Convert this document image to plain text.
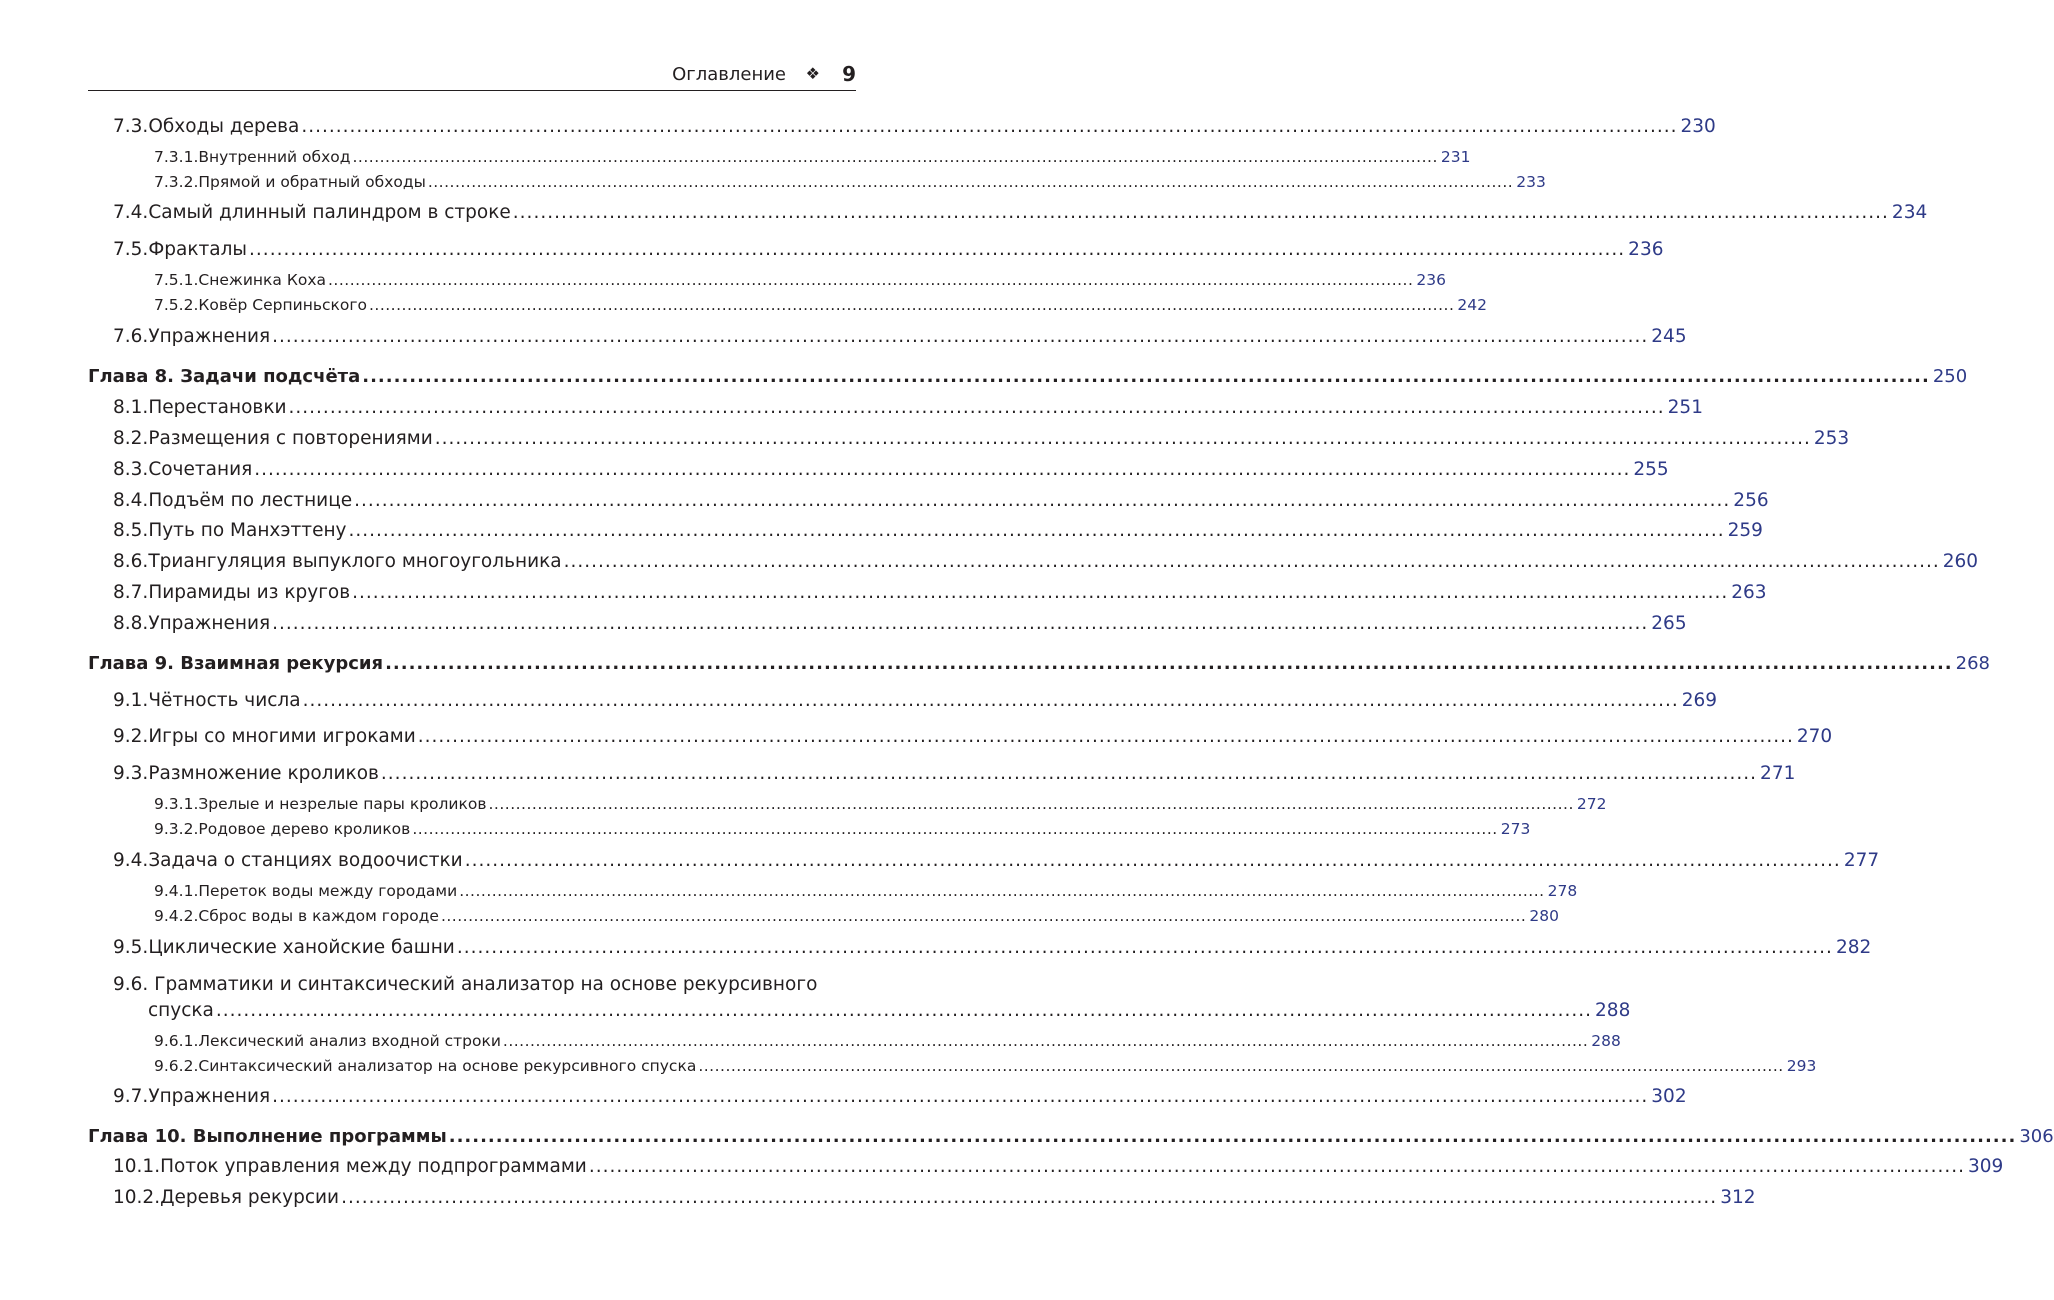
Оглавление ❖ 9
7.3. Обходы дерева ........................................................................................................................................................................................................ 230
7.3.1. Внутренний обход ........................................................................................................................................................................................................ 231
7.3.2. Прямой и обратный обходы ........................................................................................................................................................................................................ 233
7.4. Самый длинный палиндром в строке ........................................................................................................................................................................................................ 234
7.5. Фракталы ........................................................................................................................................................................................................ 236
7.5.1. Снежинка Коха ........................................................................................................................................................................................................ 236
7.5.2. Ковёр Серпиньского ........................................................................................................................................................................................................ 242
7.6. Упражнения ........................................................................................................................................................................................................ 245
Глава 8. Задачи подсчёта ........................................................................................................................................................................................................ 250
8.1. Перестановки ........................................................................................................................................................................................................ 251
8.2. Размещения с повторениями ........................................................................................................................................................................................................ 253
8.3. Сочетания ........................................................................................................................................................................................................ 255
8.4. Подъём по лестнице ........................................................................................................................................................................................................ 256
8.5. Путь по Манхэттену ........................................................................................................................................................................................................ 259
8.6. Триангуляция выпуклого многоугольника ........................................................................................................................................................................................................ 260
8.7. Пирамиды из кругов ........................................................................................................................................................................................................ 263
8.8. Упражнения ........................................................................................................................................................................................................ 265
Глава 9. Взаимная рекурсия ........................................................................................................................................................................................................ 268
9.1. Чётность числа ........................................................................................................................................................................................................ 269
9.2. Игры со многими игроками ........................................................................................................................................................................................................ 270
9.3. Размножение кроликов ........................................................................................................................................................................................................ 271
9.3.1. Зрелые и незрелые пары кроликов ........................................................................................................................................................................................................ 272
9.3.2. Родовое дерево кроликов ........................................................................................................................................................................................................ 273
9.4. Задача о станциях водоочистки ........................................................................................................................................................................................................ 277
9.4.1. Переток воды между городами ........................................................................................................................................................................................................ 278
9.4.2. Сброс воды в каждом городе ........................................................................................................................................................................................................ 280
9.5. Циклические ханойские башни ........................................................................................................................................................................................................ 282
9.6. Грамматики и синтаксический анализатор на основе рекурсивного
спуска ........................................................................................................................................................................................................ 288
9.6.1. Лексический анализ входной строки ........................................................................................................................................................................................................ 288
9.6.2. Синтаксический анализатор на основе рекурсивного спуска ........................................................................................................................................................................................................ 293
9.7. Упражнения ........................................................................................................................................................................................................ 302
Глава 10. Выполнение программы ........................................................................................................................................................................................................ 306
10.1. Поток управления между подпрограммами ........................................................................................................................................................................................................ 309
10.2. Деревья рекурсии ........................................................................................................................................................................................................ 312
